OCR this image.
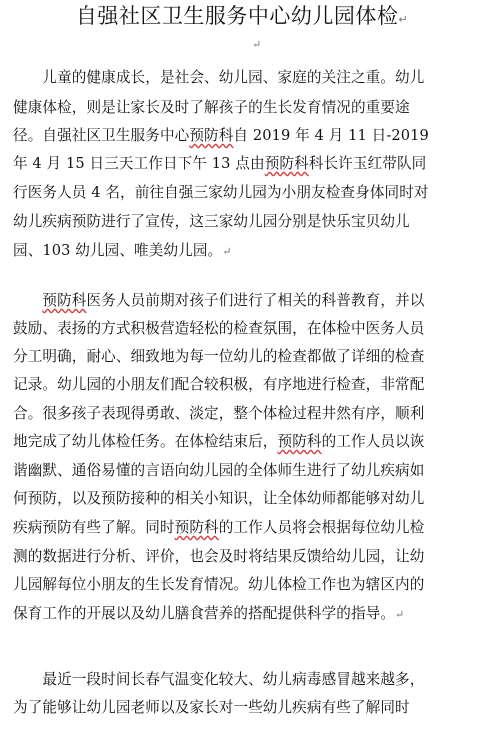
自强社区卫生服务中心幼儿园体检↵
↵
　　儿童的健康成长，是社会、幼儿园、家庭的关注之重。幼儿
健康体检，则是让家长及时了解孩子的生长发育情况的重要途
径。自强社区卫生服务中心预防科自 2019 年 4 月 11 日-2019
年 4 月 15 日三天工作日下午 13 点由预防科科长许玉红带队同
行医务人员 4 名，前往自强三家幼儿园为小朋友检查身体同时对
幼儿疾病预防进行了宣传，这三家幼儿园分别是快乐宝贝幼儿
园、103 幼儿园、唯美幼儿园。↵
　　预防科医务人员前期对孩子们进行了相关的科普教育，并以
鼓励、表扬的方式积极营造轻松的检查氛围，在体检中医务人员
分工明确，耐心、细致地为每一位幼儿的检查都做了详细的检查
记录。幼儿园的小朋友们配合较积极，有序地进行检查，非常配
合。很多孩子表现得勇敢、淡定，整个体检过程井然有序，顺利
地完成了幼儿体检任务。在体检结束后，预防科的工作人员以诙
谐幽默、通俗易懂的言语向幼儿园的全体师生进行了幼儿疾病如
何预防，以及预防接种的相关小知识，让全体幼师都能够对幼儿
疾病预防有些了解。同时预防科的工作人员将会根据每位幼儿检
测的数据进行分析、评价，也会及时将结果反馈给幼儿园，让幼
儿园解每位小朋友的生长发育情况。幼儿体检工作也为辖区内的
保育工作的开展以及幼儿膳食营养的搭配提供科学的指导。↵
　　最近一段时间长春气温变化较大、幼儿病毒感冒越来越多，
为了能够让幼儿园老师以及家长对一些幼儿疾病有些了解同时
